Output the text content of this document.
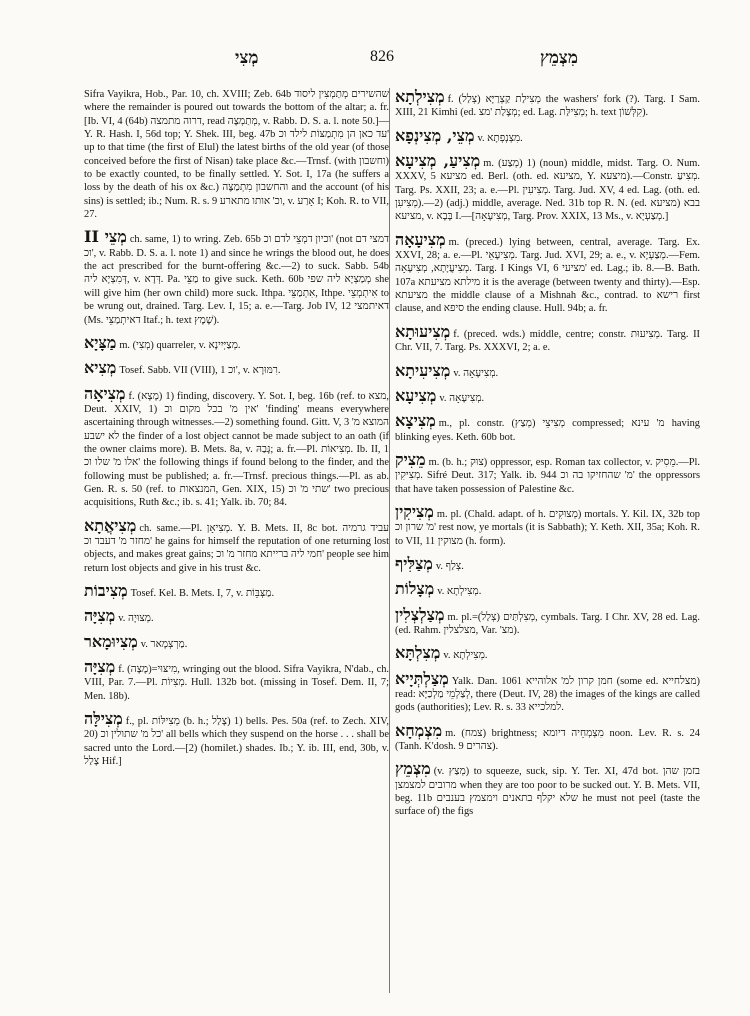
מְצִי	826	מִצְמֵץ

Sifra Vayikra, Hob., Par. 10, ch. XVIII; Zeb. 64b שהשירים מְתַמְצִין ליסוד where the remainder is poured out towards the bottom of the altar; a. fr. [Ib. VI, 4 (64b) דרוה מתמצה, read מְתַמְצֶה, v. Rabb. D. S. a. l. note 50.]—Y. R. Hash. I, 56d top; Y. Shek. III, beg. 47b עד כאן הן מִתְמַצּוֹת לילד וכ up to that time (the first of Elul) the latest births of the old year (of those conceived before the first of Nisan) take place &c.—Trnsf. (with וחשבון) to be exactly counted, to be finally settled. Y. Sot. I, 17a (he suffers a loss by the death of his ox &c.) והחשבון מִתְמַצֶּה and the account (of his sins) is settled; ib.; Num. R. s. 9 וכ' אותו מתארע, v. אָרַע I; Koh. R. to VII, 27.

מְצֵי II ch. same, 1) to wring. Zeb. 65b וכיון דמְצֵי לדם וכ' (not דמצי דם וכ', v. Rabb. D. S. a. l. note 1) and since he wrings the blood out, he does the act prescribed for the burnt-offering &c.—2) to suck. Sabb. 54b דְּמִצְיָא ליה, v. דְּדָא. Pa. מַצֵּי to give suck. Keth. 60b מְמַצְיָא ליה שפי she will give him (her own child) more suck. Ithpa. אִתְמַצֵּי, Ithpe. אִיתְמְצֵי to be wrung out, drained. Targ. Lev. I, 15; a. e.—Targ. Job IV, 12 דאיתמצי (Ms. דאיתְמַצֵּי Itaf.; h. text שֶׁמֶץ).

מַצָּיָא m. (מְצִי) quarreler, v. מְצַיְּיִינָא.

מְצִיא Tosef. Sabb. VII (VIII), 1 וכ', v. רִמּוּרָא.

מְצִיאָה f. (מָצָא) 1) finding, discovery. Y. Sot. I, beg. 16b (ref. to מצא, Deut. XXIV, 1) אין מ' בכל מקום וכ' 'finding' means everywhere ascertaining through witnesses.—2) something found. Gitt. V, 3 המוצא מ' לא ישבע the finder of a lost object cannot be made subject to an oath (if the owner claims more). B. Mets. 8a, v. גָּבַהּ; a. fr.—Pl. מְצִיאוֹת. Ib. II, 1 אלו מ' שלו וכ' the following things if found belong to the finder, and the following must be published; a. fr.—Trnsf. precious things.—Pl. as ab. Gen. R. s. 50 (ref. to המנצאות, Gen. XIX, 15) שתי מ' וכ' two precious acquisitions, Ruth &c.; ib. s. 41; Yalk. ib. 70; 84.

מְצִיאֲתָא ch. same.—Pl. מְצִיאָן. Y. B. Mets. II, 8c bot. עביד גרמיה מחזר מ' דעבד וכ' he gains for himself the reputation of one returning lost objects, and makes great gains; חמי ליה ברייתא מחזר מ' וכ' people see him return lost objects and give in his trust &c.

מְצִיבוֹת Tosef. Kel. B. Mets. I, 7, v. מַצְּבֵּוֹת.

מְצִיָּה v. מְצוּיָה.

מְצִיוּמָאר v. מַרְצְמָאר.

מְצִיָּה f. (מָצָה)=מִיצּוּי, wringing out the blood. Sifra Vayikra, N'dab., ch. VIII, Par. 7.—Pl. מְצִיוֹת. Hull. 132b bot. (missing in Tosef. Dem. II, 7; Men. 18b).

מְצִילָּה f., pl. מְצִילּוֹת (b. h.; צָלַל) 1) bells. Pes. 50a (ref. to Zech. XIV, 20) כל מ' שתולין וכ' all bells which they suspend on the horse . . . shall be sacred unto the Lord.—[2) (homilet.) shades. Ib.; Y. ib. III, end, 30b, v. צָלַל Hif.]

מְצִילְתָא f. (צְלַל) מְצִילַת קַצְרַיָּא the washers' fork (?). Targ. I Sam. XIII, 21 Kimhi (ed. מְצָלַת 'מצ; ed. Lag. מְצִילַּת; h. text קִלְּשׁוֹן).

מְצֵי, מְצִינְפָא v. מִצְנְפְתָא.

מְצִיעַ, מְצִיעָא m. (מְצַע) 1) (noun) middle, midst. Targ. O. Num. XXXV, 5 מציעא ed. Berl. (oth. ed. מציעא, Y. מיצעא).—Constr. מְצִיעַ. Targ. Ps. XXII, 23; a. e.—Pl. מְצִיעִין. Targ. Jud. XV, 4 ed. Lag. (oth. ed. מְצִיעִן).—2) (adj.) middle, average. Ned. 31b top R. N. (ed. מציעא) בבא מציעא, v. בָּבָא I.—[מְצִיעָאָה, Targ. Prov. XXIX, 13 Ms., v. מְצַעְיָא.]

מְצִיעָאָה m. (preced.) lying between, central, average. Targ. Ex. XXVI, 28; a. e.—Pl. מְצִיעָאֵי. Targ. Jud. XVI, 29; a. e., v. מְצַעְיָא.—Fem. מְצִיעֲיָתָא, מְצִיעָאָה. Targ. I Kings VI, 6 מציעי' ed. Lag.; ib. 8.—B. Bath. 107a מילתא מציעתא it is the average (between twenty and thirty).—Esp. מציעתא the middle clause of a Mishnah &c., contrad. to רישא first clause, and סיפא the ending clause. Hull. 94b; a. fr.

מְצִיעוּתָא f. (preced. wds.) middle, centre; constr. מְצִיעוּת. Targ. II Chr. VII, 7. Targ. Ps. XXXVI, 2; a. e.

מְצִיעִיתָא v. מְצִיעָאָה.

מְצִיעָא v. מְצִיעָאָה.

מְצִיצָא m., pl. constr. מְצִיצֵי (מְצַץ) compressed; מ' עינא having blinking eyes. Keth. 60b bot.

מֵצִיק m. (b. h.; צוּק) oppressor, esp. Roman tax collector, v. מֵסִיק.—Pl. מְצִיקִין. Sifré Deut. 317; Yalk. ib. 944 מ' שהחזיקו בה וכ' the oppressors that have taken possession of Palestine &c.

מְצִיקִין m. pl. (Chald. adapt. of h. מְצוּקִים) mortals. Y. Kil. IX, 32b top מ' שרון וכ' rest now, ye mortals (it is Sabbath); Y. Keth. XII, 35a; Koh. R. to VII, 11 מצוקין (h. form).

מְצַלִּיף v. צְלַף.

מְצָלוֹת v. מְצִילְתָא.

מְצַלְצְלִין m. pl.=מְצִלְתַּיִם (צְלַל), cymbals. Targ. I Chr. XV, 28 ed. Lag. (ed. Rahm. מצלצלין, Var. 'מצ).

מְצִלְתָּא v. מְצִילְתָא.

מְצַלְתְּיָיא Yalk. Dan. 1061 חמן קרון למ' אלוהייא (some ed. מצלחייא) read: לְצַלְמֵי מַלְכַיָּא, there (Deut. IV, 28) the images of the kings are called gods (authorities); Lev. R. s. 33 למלכייא.

מִצְמְחָא m. (צמח) brightness; מִצְמְחֵיה דיומא noon. Lev. R. s. 24 (Tanh. K'dosh. 9 צהרים).

מִצְמֵץ (v. מְצַץ) to squeeze, suck, sip. Y. Ter. XI, 47d bot. בזמן שהן מרובים למצמצן when they are too poor to be sucked out. Y. B. Mets. VII, beg. 11b שלא יקלף בתאנים וימצמץ בענבים he must not peel (taste the surface of) the figs
